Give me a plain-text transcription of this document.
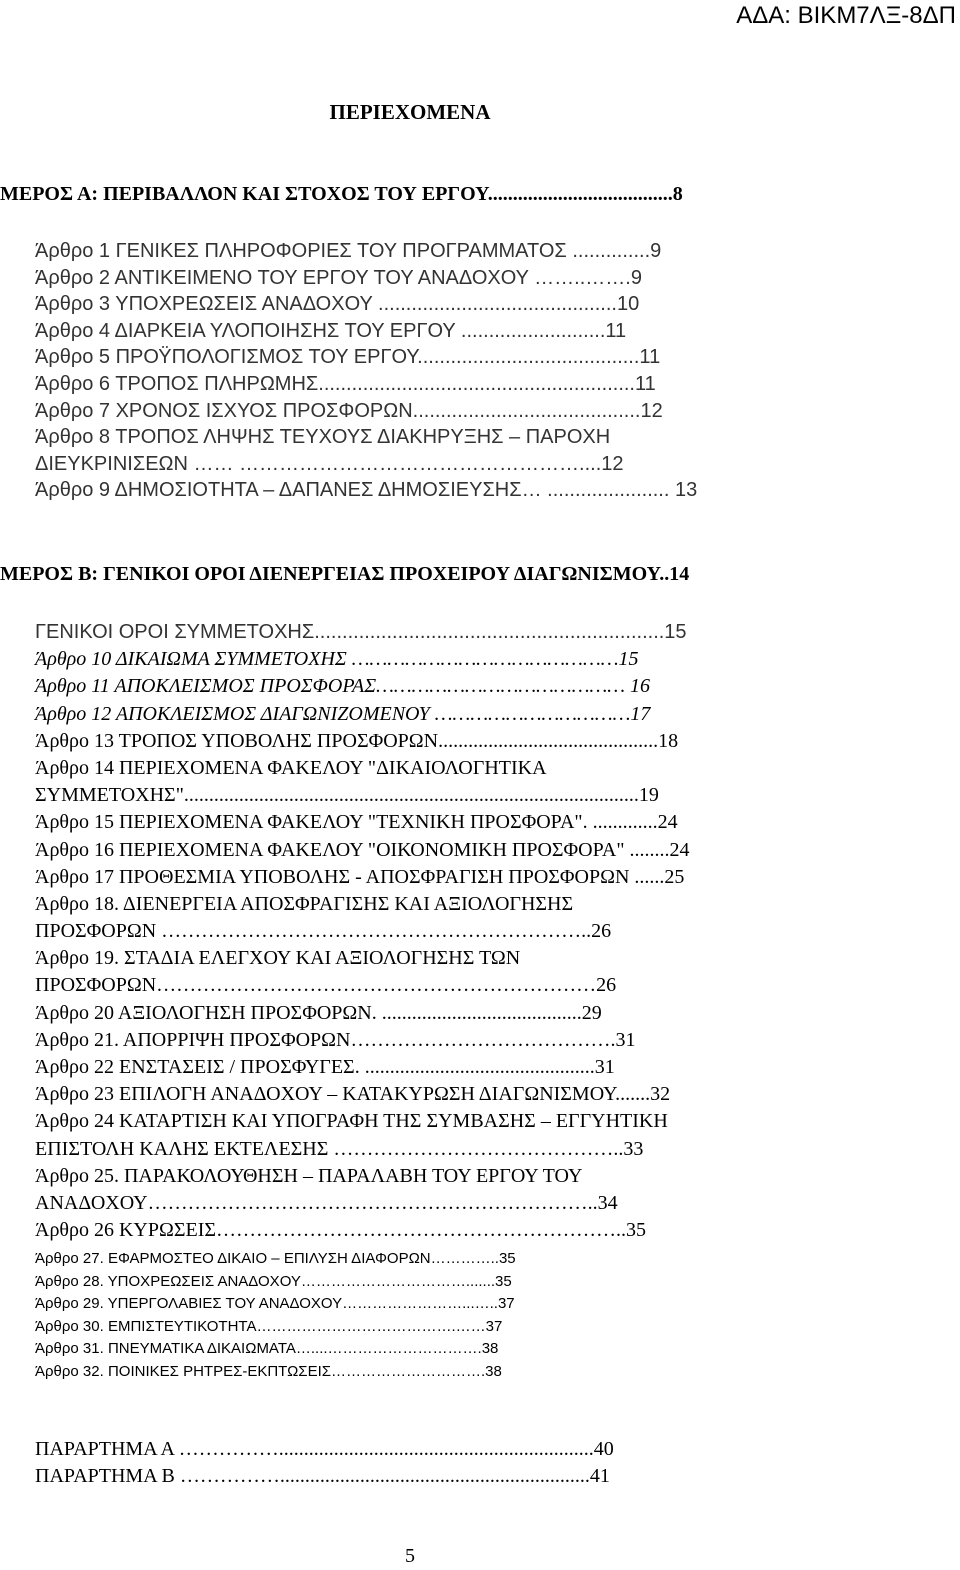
ΑΔΑ: ΒΙΚΜ7ΛΞ-8ΔΠ
ΠΕΡΙΕΧΟΜΕΝΑ
ΜΕΡΟΣ Α: ΠΕΡΙΒΑΛΛΟΝ ΚΑΙ ΣΤΟΧΟΣ ΤΟΥ ΕΡΓΟΥ.....................................8
Άρθρο 1 ΓΕΝΙΚΕΣ ΠΛΗΡΟΦΟΡΙΕΣ ΤΟΥ ΠΡΟΓΡΑΜΜΑΤΟΣ ..............9
Άρθρο 2 ΑΝΤΙΚΕΙΜΕΝΟ ΤΟΥ ΕΡΓΟΥ ΤΟΥ ΑΝΑΔΟΧΟΥ ……..…….9
Άρθρο 3 ΥΠΟΧΡΕΩΣΕΙΣ ΑΝΑΔΟΧΟΥ ...........................................10
Άρθρο 4 ΔΙΑΡΚΕΙΑ ΥΛΟΠΟΙΗΣΗΣ ΤΟΥ ΕΡΓΟΥ ..........................11
Άρθρο 5 ΠΡΟΫΠΟΛΟΓΙΣΜΟΣ ΤΟΥ ΕΡΓΟΥ........................................11
Άρθρο 6 ΤΡΟΠΟΣ ΠΛΗΡΩΜΗΣ.........................................................11
Άρθρο 7 ΧΡΟΝΟΣ ΙΣΧΥΟΣ ΠΡΟΣΦΟΡΩΝ.........................................12
Άρθρο 8 ΤΡΟΠΟΣ ΛΗΨΗΣ ΤΕΥΧΟΥΣ ΔΙΑΚΗΡΥΞΗΣ – ΠΑΡΟΧΗ
ΔΙΕΥΚΡΙΝΙΣΕΩΝ …… ……………………………………………....12
Άρθρο 9 ΔΗΜΟΣΙΟΤΗΤΑ – ΔΑΠΑΝΕΣ ΔΗΜΟΣΙΕΥΣΗΣ… ...................... 13
ΜΕΡΟΣ Β: ΓΕΝΙΚΟΙ ΟΡΟΙ ΔΙΕΝΕΡΓΕΙΑΣ ΠΡΟΧΕΙΡΟΥ ΔΙΑΓΩΝΙΣΜΟΥ..14
ΓΕΝΙΚΟΙ ΟΡΟΙ ΣΥΜΜΕΤΟΧΗΣ...............................................................15
Άρθρο 10 ΔΙΚΑΙΩΜΑ ΣΥΜΜΕΤΟΧΗΣ ………………………………………15
Άρθρο 11 ΑΠΟΚΛΕΙΣΜΟΣ ΠΡΟΣΦΟΡΑΣ…………………………………… 16
Άρθρο 12 ΑΠΟΚΛΕΙΣΜΟΣ ΔΙΑΓΩΝΙΖΟΜΕΝΟΥ ……………………………17
Άρθρο 13 ΤΡΟΠΟΣ ΥΠΟΒΟΛΗΣ ΠΡΟΣΦΟΡΩΝ............................................18
Άρθρο 14 ΠΕΡΙΕΧΟΜΕΝΑ ΦΑΚΕΛΟΥ "ΔΙΚΑΙΟΛΟΓΗΤΙΚΑ
ΣΥΜΜΕΤΟΧΗΣ"...........................................................................................19
Άρθρο 15 ΠΕΡΙΕΧΟΜΕΝΑ ΦΑΚΕΛΟΥ "ΤΕΧΝΙΚΗ ΠΡΟΣΦΟΡΑ". .............24
Άρθρο 16 ΠΕΡΙΕΧΟΜΕΝΑ ΦΑΚΕΛΟΥ "ΟΙΚΟΝΟΜΙΚΗ ΠΡΟΣΦΟΡΑ" ........24
Άρθρο 17 ΠΡΟΘΕΣΜΙΑ ΥΠΟΒΟΛΗΣ - ΑΠΟΣΦΡΑΓΙΣΗ ΠΡΟΣΦΟΡΩΝ ......25
Άρθρο 18. ΔΙΕΝΕΡΓΕΙΑ ΑΠΟΣΦΡΑΓΙΣΗΣ ΚΑΙ ΑΞΙΟΛΟΓΗΣΗΣ
ΠΡΟΣΦΟΡΩΝ ………………………………………………………..26
Άρθρο 19. ΣΤΑΔΙΑ ΕΛΕΓΧΟΥ ΚΑΙ ΑΞΙΟΛΟΓΗΣΗΣ ΤΩΝ
ΠΡΟΣΦΟΡΩΝ…………………………………………………………26
Άρθρο 20 ΑΞΙΟΛΟΓΗΣΗ ΠΡΟΣΦΟΡΩΝ. ........................................29
Άρθρο 21. ΑΠΟΡΡΙΨΗ ΠΡΟΣΦΟΡΩΝ………………………………….31
Άρθρο 22 ΕΝΣΤΑΣΕΙΣ / ΠΡΟΣΦΥΓΕΣ. ..............................................31
Άρθρο 23 ΕΠΙΛΟΓΗ ΑΝΑΔΟΧΟΥ – ΚΑΤΑΚΥΡΩΣΗ ΔΙΑΓΩΝΙΣΜΟΥ.......32
Άρθρο 24 ΚΑΤΑΡΤΙΣΗ ΚΑΙ ΥΠΟΓΡΑΦΗ ΤΗΣ ΣΥΜΒΑΣΗΣ – ΕΓΓΥΗΤΙΚΗ
ΕΠΙΣΤΟΛΗ ΚΑΛΗΣ ΕΚΤΕΛΕΣΗΣ ……………………………………..33
Άρθρο 25. ΠΑΡΑΚΟΛΟΥΘΗΣΗ – ΠΑΡΑΛΑΒΗ ΤΟΥ ΕΡΓΟΥ ΤΟΥ
ΑΝΑΔΟΧΟΥ…………………………………………………………..34
Άρθρο 26 ΚΥΡΩΣΕΙΣ……………………………………………………..35
Άρθρο 27. ΕΦΑΡΜΟΣΤΕΟ ΔΙΚΑΙΟ – ΕΠΙΛΥΣΗ ΔΙΑΦΟΡΩΝ…………..35
Άρθρο 28. ΥΠΟΧΡΕΩΣΕΙΣ ΑΝΑΔΟΧΟΥ…………………………….......35
Άρθρο 29. ΥΠΕΡΓΟΛΑΒΙΕΣ ΤΟΥ ΑΝΑΔΟΧΟΥ……………………...…..37
Άρθρο 30. ΕΜΠΙΣΤΕΥΤΙΚΟΤΗΤΑ………………………………….……37
Άρθρο 31. ΠΝΕΥΜΑΤΙΚΑ ΔΙΚΑΙΩΜΑΤΑ…....………………………….38
Άρθρο 32. ΠΟΙΝΙΚΕΣ ΡΗΤΡΕΣ-ΕΚΠΤΩΣΕΙΣ………………………….38
ΠΑΡΑΡΤΗΜΑ Α ……………...............................................................40
ΠΑΡΑΡΤΗΜΑ Β ……………..............................................................41
5
